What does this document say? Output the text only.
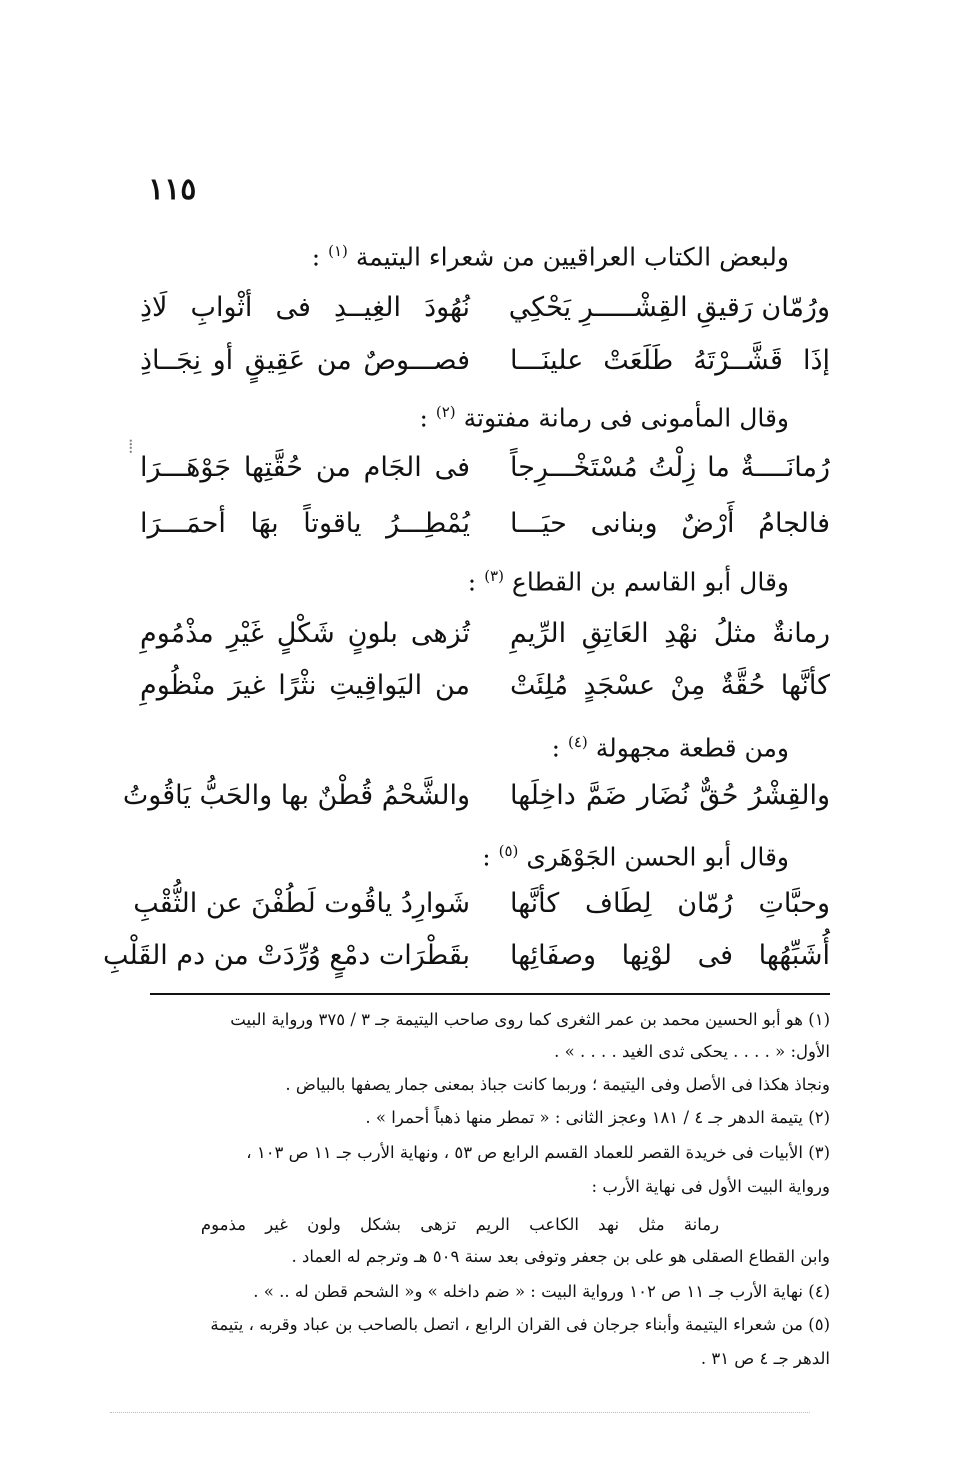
١١٥
ولبعض الكتاب العراقيين من شعراء اليتيمة $^{(١)}$ :
ورُمّان رَقيقِ القِشْـــــرِ يَحْكِي
نُهُودَ الغِيــدِ فى أثْوابِ لَاذِ
إذَا قَشَّــرْتَهُ طَلَعَتْ علينَـــا
فصـــوصٌ من عَقِيقٍ أو نِجَــاذِ
وقال المأمونى فى رمانة مفتوتة $^{(٢)}$ :
رُمانَــــةٌ ما زِلْتُ مُسْتَخْـــرِجاً
فى الجَام من حُقَّتِها جَوْهَـــرَا
فالجامُ أَرْضٌ وبنانى حيَـــا
يُمْطِـــرُ ياقوتاً بهَا أحمَـــرَا
⁞
وقال أبو القاسم بن القطاع $^{(٣)}$ :
رمانةٌ مثلُ نهْدِ العَاتِقِ الرِّيمِ
تُزهى بلونٍ شَكْلٍ غَيْرِ مذْمُومِ
كأنَّها حُقَّةٌ مِنْ عسْجَدٍ مُلِئَتْ
من اليَواقِيتِ نثْرًا غيرَ منْظُومِ
ومن قطعة مجهولة $^{(٤)}$ :
والقِشْرُ حُقٌّ نُضَار ضَمَّ داخِلَها
والشَّحْمُ قُطْنٌ بها والحَبُّ يَاقُوتُ
وقال أبو الحسن الجَوْهَرى $^{(٥)}$ :
وحبَّاتِ رُمّان لِطَاف كأنَّها
شَوارِدُ ياقُوت لَطُفْنَ عن الثُّقْبِ
أُشَبِّهُها فى لوْنِها وصفَائِها
بقَطْرَات دمْعٍ وُرِّدَتْ من دم القَلْبِ
(١) هو أبو الحسين محمد بن عمر الثغرى كما روى صاحب اليتيمة جـ ٣ / ٣٧٥ ورواية البيت
الأول: « . . . . يحكى ثدى الغيد . . . . » .
ونجاذ هكذا فى الأصل وفى اليتيمة ؛ وربما كانت جباذ بمعنى جمار يصفها بالبياض .
(٢) يتيمة الدهر جـ ٤ / ١٨١ وعجز الثانى : « تمطر منها ذهباً أحمرا » .
(٣) الأبيات فى خريدة القصر للعماد القسم الرابع ص ٥٣ ، ونهاية الأرب جـ ١١ ص ١٠٣ ،
ورواية البيت الأول فى نهاية الأرب :
رمانة مثل نهد الكاعب الريم تزهى بشكل ولون غير مذموم
وابن القطاع الصقلى هو على بن جعفر وتوفى بعد سنة ٥٠٩ هـ وترجم له العماد .
(٤) نهاية الأرب جـ ١١ ص ١٠٢ ورواية البيت : « ضم داخله » و« الشحم قطن له .. » .
(٥) من شعراء اليتيمة وأبناء جرجان فى القران الرابع ، اتصل بالصاحب بن عباد وقربه ، يتيمة
الدهر جـ ٤ ص ٣١ .
